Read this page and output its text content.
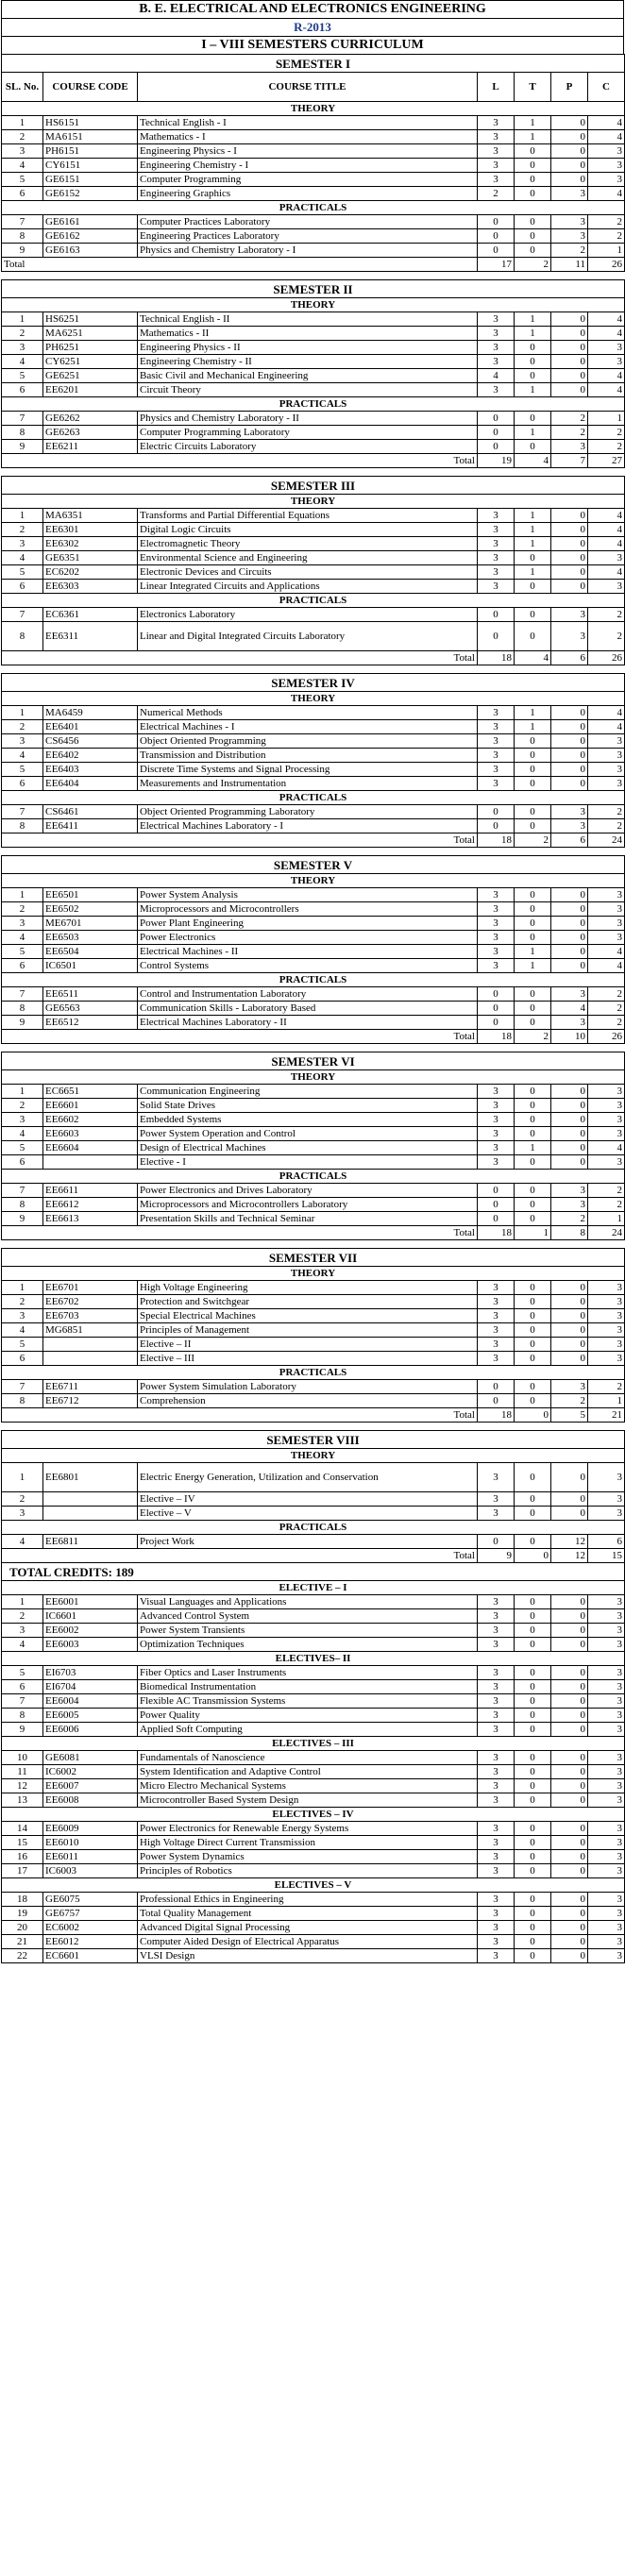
B. E. ELECTRICAL AND ELECTRONICS ENGINEERING
R-2013
I – VIII SEMESTERS CURRICULUM
SEMESTER I						
SL. No.	COURSE CODE	COURSE TITLE	L	T	P	C
THEORY						
1	HS6151	Technical English - I	3	1	0	4
2	MA6151	Mathematics - I	3	1	0	4
3	PH6151	Engineering Physics - I	3	0	0	3
4	CY6151	Engineering Chemistry - I	3	0	0	3
5	GE6151	Computer Programming	3	0	0	3
6	GE6152	Engineering Graphics	2	0	3	4
PRACTICALS						
7	GE6161	Computer Practices Laboratory	0	0	3	2
8	GE6162	Engineering Practices Laboratory	0	0	3	2
9	GE6163	Physics and Chemistry Laboratory - I	0	0	2	1
Total			17	2	11	26

SEMESTER II						
THEORY						
1	HS6251	Technical English - II	3	1	0	4
2	MA6251	Mathematics - II	3	1	0	4
3	PH6251	Engineering Physics - II	3	0	0	3
4	CY6251	Engineering Chemistry - II	3	0	0	3
5	GE6251	Basic Civil and Mechanical Engineering	4	0	0	4
6	EE6201	Circuit Theory	3	1	0	4
PRACTICALS						
7	GE6262	Physics and Chemistry Laboratory - II	0	0	2	1
8	GE6263	Computer Programming Laboratory	0	1	2	2
9	EE6211	Electric Circuits Laboratory	0	0	3	2
Total			19	4	7	27

SEMESTER III						
THEORY						
1	MA6351	Transforms and Partial Differential Equations	3	1	0	4
2	EE6301	Digital Logic Circuits	3	1	0	4
3	EE6302	Electromagnetic Theory	3	1	0	4
4	GE6351	Environmental Science and Engineering	3	0	0	3
5	EC6202	Electronic Devices and Circuits	3	1	0	4
6	EE6303	Linear Integrated Circuits and Applications	3	0	0	3
PRACTICALS						
7	EC6361	Electronics Laboratory	0	0	3	2
8	EE6311	Linear and Digital Integrated Circuits Laboratory	0	0	3	2
Total			18	4	6	26

SEMESTER IV						
THEORY						
1	MA6459	Numerical Methods	3	1	0	4
2	EE6401	Electrical Machines - I	3	1	0	4
3	CS6456	Object Oriented Programming	3	0	0	3
4	EE6402	Transmission and Distribution	3	0	0	3
5	EE6403	Discrete Time Systems and Signal Processing	3	0	0	3
6	EE6404	Measurements and Instrumentation	3	0	0	3
PRACTICALS						
7	CS6461	Object Oriented Programming Laboratory	0	0	3	2
8	EE6411	Electrical Machines Laboratory - I	0	0	3	2
Total			18	2	6	24

SEMESTER V						
THEORY						
1	EE6501	Power System Analysis	3	0	0	3
2	EE6502	Microprocessors and Microcontrollers	3	0	0	3
3	ME6701	Power Plant Engineering	3	0	0	3
4	EE6503	Power Electronics	3	0	0	3
5	EE6504	Electrical Machines - II	3	1	0	4
6	IC6501	Control Systems	3	1	0	4
PRACTICALS						
7	EE6511	Control and Instrumentation Laboratory	0	0	3	2
8	GE6563	Communication Skills - Laboratory Based	0	0	4	2
9	EE6512	Electrical Machines Laboratory - II	0	0	3	2
Total			18	2	10	26

SEMESTER VI						
THEORY						
1	EC6651	Communication Engineering	3	0	0	3
2	EE6601	Solid State Drives	3	0	0	3
3	EE6602	Embedded Systems	3	0	0	3
4	EE6603	Power System Operation and Control	3	0	0	3
5	EE6604	Design of Electrical Machines	3	1	0	4
6		Elective - I	3	0	0	3
PRACTICALS						
7	EE6611	Power Electronics and Drives Laboratory	0	0	3	2
8	EE6612	Microprocessors and Microcontrollers Laboratory	0	0	3	2
9	EE6613	Presentation Skills and Technical Seminar	0	0	2	1
Total			18	1	8	24

SEMESTER VII						
THEORY						
1	EE6701	High Voltage Engineering	3	0	0	3
2	EE6702	Protection and Switchgear	3	0	0	3
3	EE6703	Special Electrical Machines	3	0	0	3
4	MG6851	Principles of Management	3	0	0	3
5		Elective – II	3	0	0	3
6		Elective – III	3	0	0	3
PRACTICALS						
7	EE6711	Power System Simulation Laboratory	0	0	3	2
8	EE6712	Comprehension	0	0	2	1
Total			18	0	5	21

SEMESTER VIII						
THEORY						
1	EE6801	Electric Energy Generation, Utilization and Conservation	3	0	0	3
2		Elective – IV	3	0	0	3
3		Elective – V	3	0	0	3
PRACTICALS						
4	EE6811	Project Work	0	0	12	6
Total			9	0	12	15
TOTAL CREDITS: 189						
ELECTIVE – I						
1	EE6001	Visual Languages and Applications	3	0	0	3
2	IC6601	Advanced Control System	3	0	0	3
3	EE6002	Power System Transients	3	0	0	3
4	EE6003	Optimization Techniques	3	0	0	3
ELECTIVES– II						
5	EI6703	Fiber Optics and Laser Instruments	3	0	0	3
6	EI6704	Biomedical Instrumentation	3	0	0	3
7	EE6004	Flexible AC Transmission Systems	3	0	0	3
8	EE6005	Power Quality	3	0	0	3
9	EE6006	Applied Soft Computing	3	0	0	3
ELECTIVES – III						
10	GE6081	Fundamentals of Nanoscience	3	0	0	3
11	IC6002	System Identification and Adaptive Control	3	0	0	3
12	EE6007	Micro Electro Mechanical Systems	3	0	0	3
13	EE6008	Microcontroller Based System Design	3	0	0	3
ELECTIVES – IV						
14	EE6009	Power Electronics for Renewable Energy Systems	3	0	0	3
15	EE6010	High Voltage Direct Current Transmission	3	0	0	3
16	EE6011	Power System Dynamics	3	0	0	3
17	IC6003	Principles of Robotics	3	0	0	3
ELECTIVES – V						
18	GE6075	Professional Ethics in Engineering	3	0	0	3
19	GE6757	Total Quality Management	3	0	0	3
20	EC6002	Advanced Digital Signal Processing	3	0	0	3
21	EE6012	Computer Aided Design of Electrical Apparatus	3	0	0	3
22	EC6601	VLSI Design	3	0	0	3
